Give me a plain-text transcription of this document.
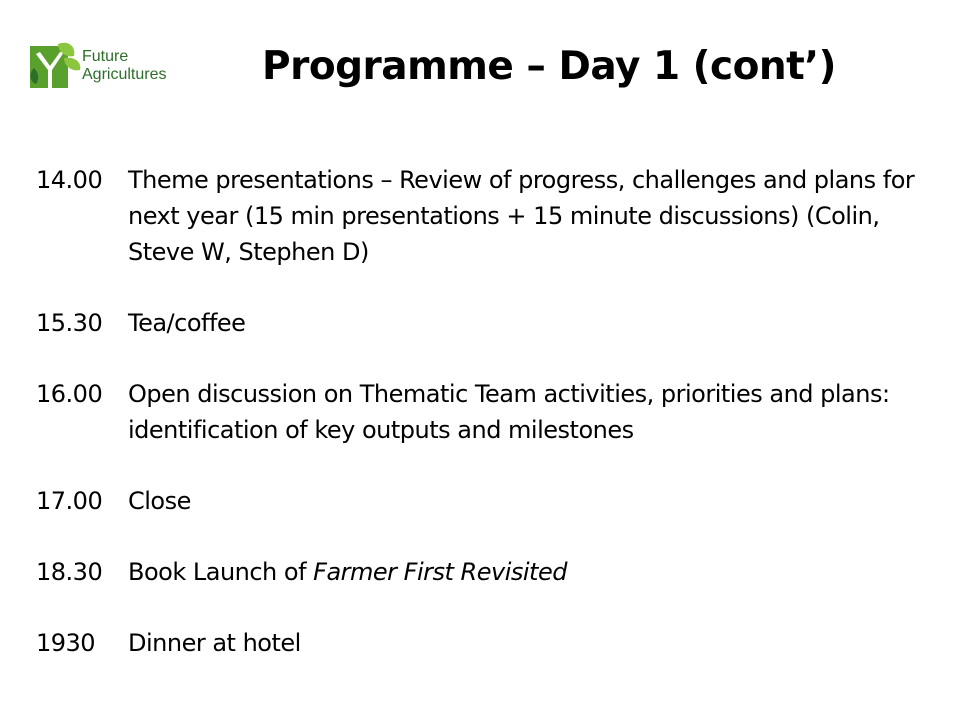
Future
Agricultures Programme – Day 1 (cont’)
14.00	Theme presentations – Review of progress, challenges and plans for next year (15 min presentations + 15 minute discussions) (Colin, Steve W, Stephen D)
15.30	Tea/coffee
16.00	Open discussion on Thematic Team activities, priorities and plans: identification of key outputs and milestones
17.00	Close
18.30	Book Launch of Farmer First Revisited
1930	Dinner at hotel
